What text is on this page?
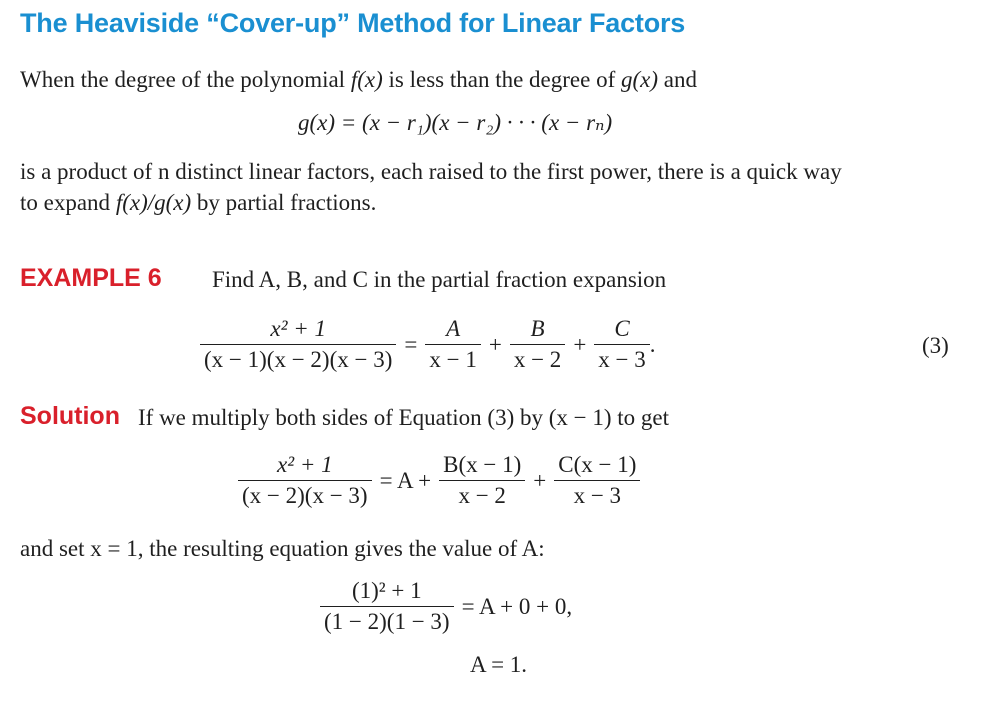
The Heaviside “Cover-up” Method for Linear Factors
When the degree of the polynomial f(x) is less than the degree of g(x) and
g(x) = (x − r₁)(x − r₂) · · · (x − rₙ)
is a product of n distinct linear factors, each raised to the first power, there is a quick way
to expand f(x)/g(x) by partial fractions.
EXAMPLE 6 Find A, B, and C in the partial fraction expansion
$\frac{\text{x² + 1}}{(x - 1)(x - 2)(x - 3)} = \frac{A}{x - 1} + \frac{B}{x - 2} + \frac{C}{x - 3}$ .	(3)
Solution If we multiply both sides of Equation (3) by (x − 1) to get
$\frac{\text{x² + 1}}{(x - 2)(x - 3)} = A + \frac{B(x - 1)}{x - 2} + \frac{C(x - 1)}{x - 3}$
and set x = 1, the resulting equation gives the value of A:
$\frac{\text{(1)² + 1}}{(1 - 2)(1 - 3)} = A + 0 + 0$,
A = 1.
